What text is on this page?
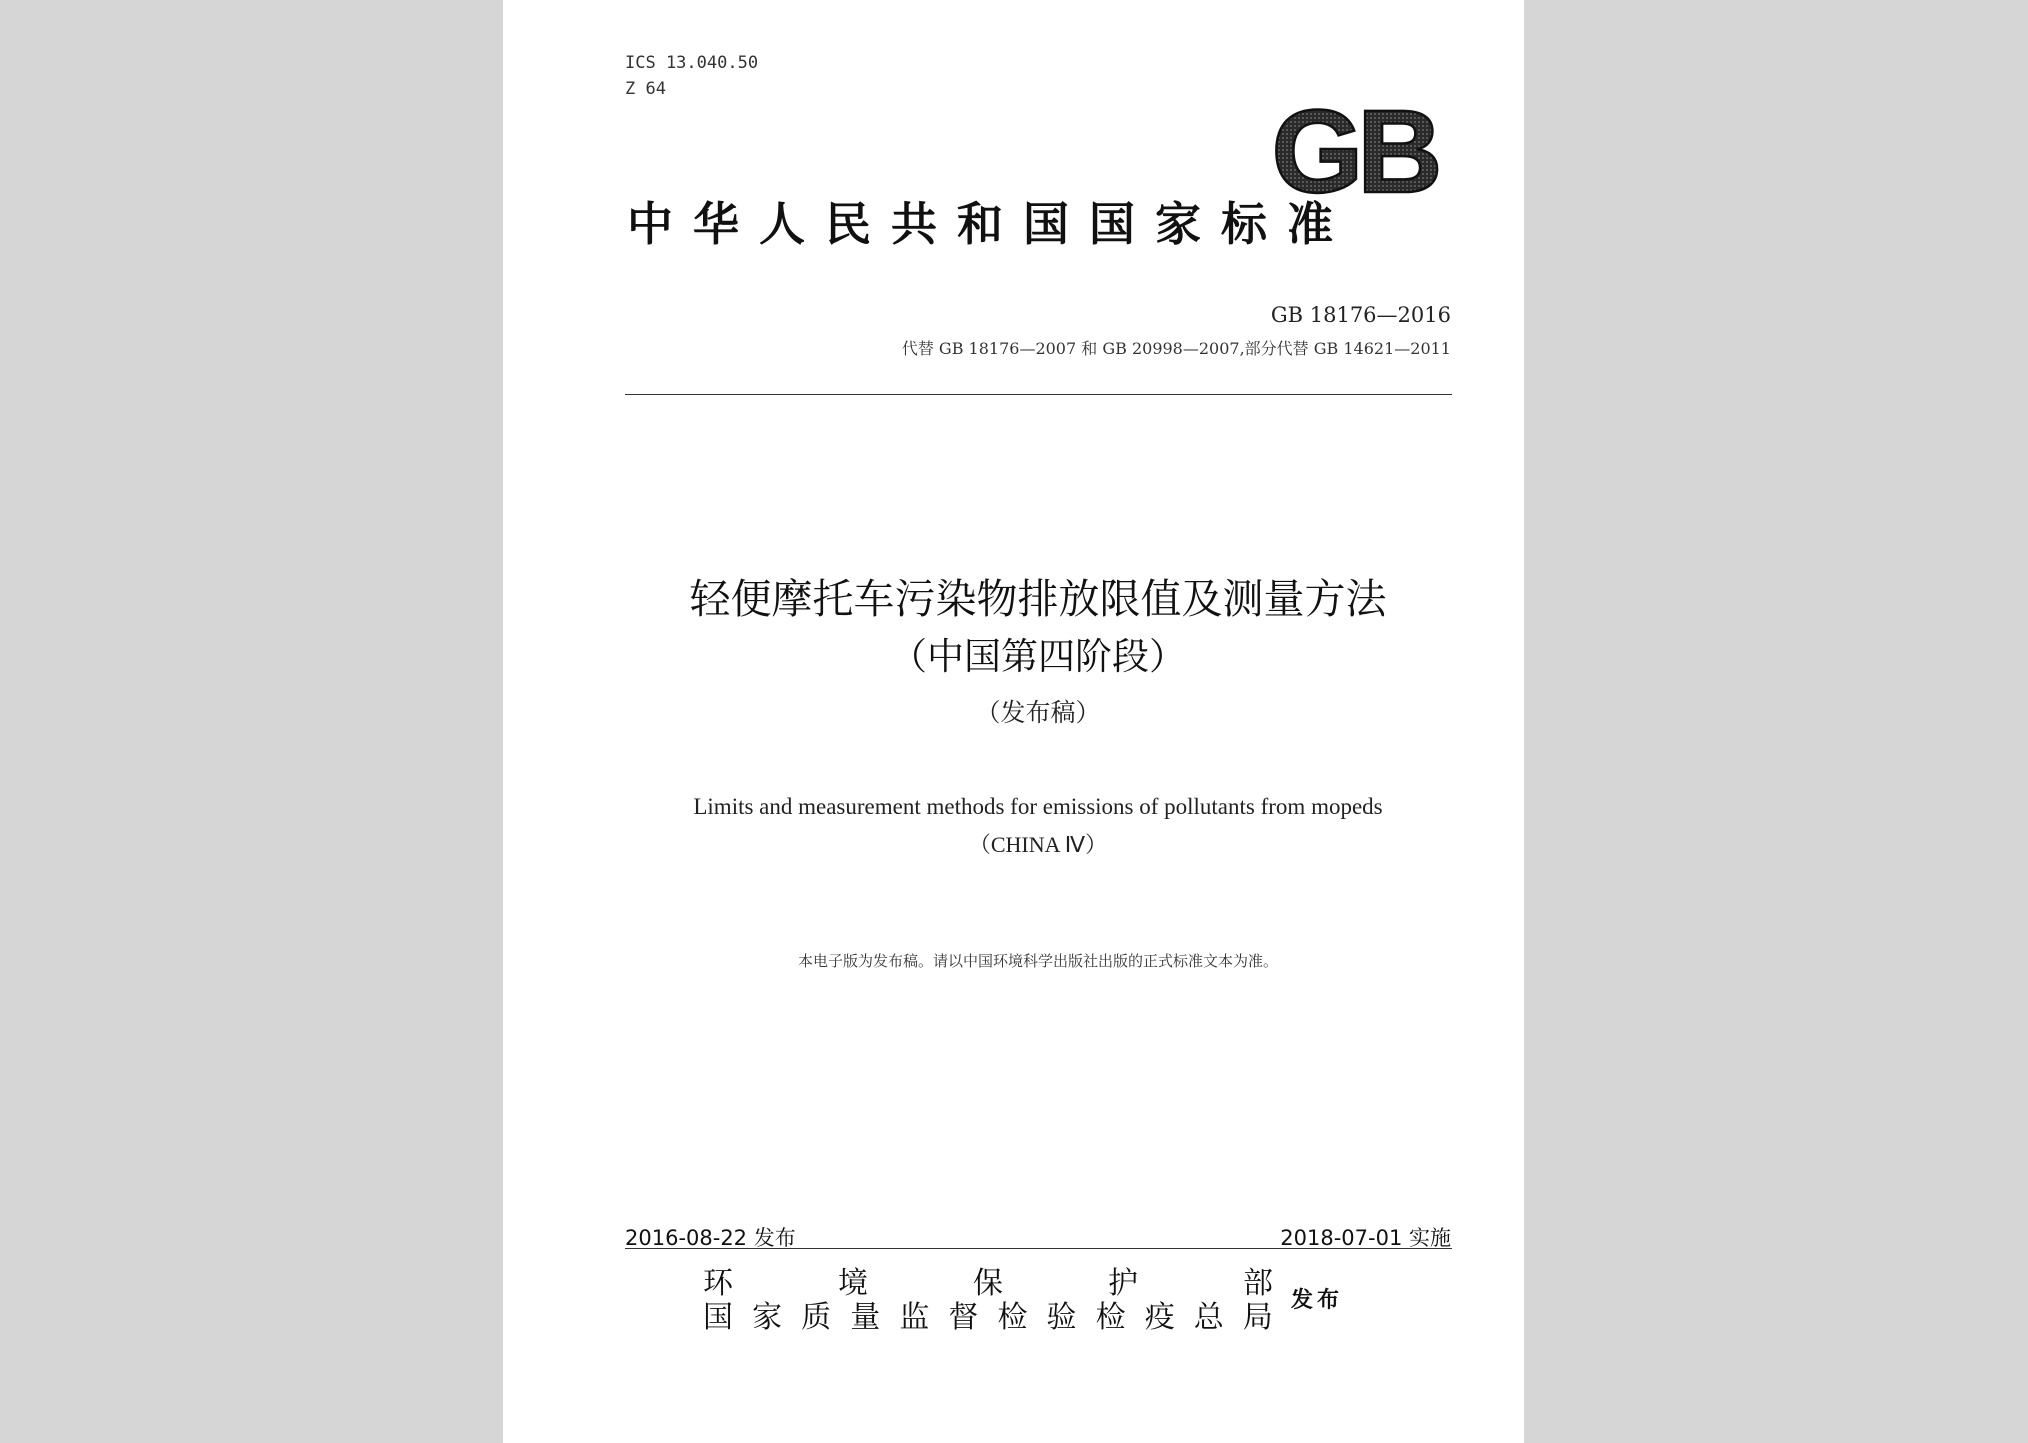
ICS 13.040.50
Z 64	GB
中华人民共和国国家标准
GB 18176—2016
代替 GB 18176—2007 和 GB 20998—2007,部分代替 GB 14621—2011
轻便摩托车污染物排放限值及测量方法
（中国第四阶段）
（发布稿）
Limits and measurement methods for emissions of pollutants from mopeds
（CHINA Ⅳ）
本电子版为发布稿。请以中国环境科学出版社出版的正式标准文本为准。
2016-08-22 发布	2018-07-01 实施
环	境	保	护	部
国 家 质 量 监 督 检 验 检 疫 总 局 发布
